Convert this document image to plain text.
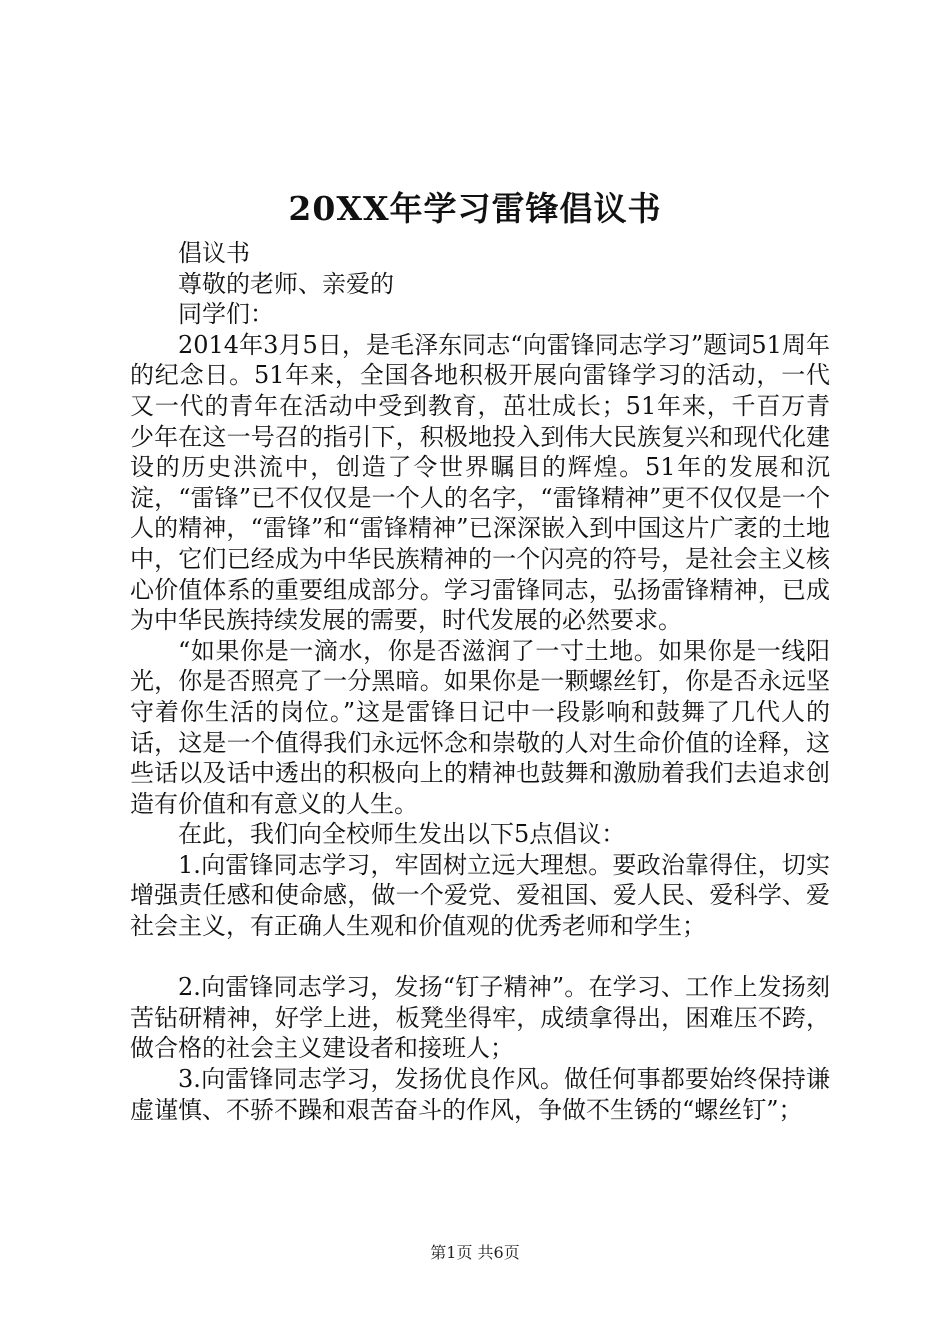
20XX年学习雷锋倡议书

倡议书

尊敬的老师、亲爱的

同学们：

2014年3月5日，是毛泽东同志“向雷锋同志学习”题词51周年的纪念日。51年来，全国各地积极开展向雷锋学习的活动，一代又一代的青年在活动中受到教育，茁壮成长；51年来，千百万青少年在这一号召的指引下，积极地投入到伟大民族复兴和现代化建设的历史洪流中，创造了令世界瞩目的辉煌。51年的发展和沉淀，“雷锋”已不仅仅是一个人的名字，“雷锋精神”更不仅仅是一个人的精神，“雷锋”和“雷锋精神”已深深嵌入到中国这片广袤的土地中，它们已经成为中华民族精神的一个闪亮的符号，是社会主义核心价值体系的重要组成部分。学习雷锋同志，弘扬雷锋精神，已成为中华民族持续发展的需要，时代发展的必然要求。

“如果你是一滴水，你是否滋润了一寸土地。如果你是一线阳光，你是否照亮了一分黑暗。如果你是一颗螺丝钉，你是否永远坚守着你生活的岗位。”这是雷锋日记中一段影响和鼓舞了几代人的话，这是一个值得我们永远怀念和崇敬的人对生命价值的诠释，这些话以及话中透出的积极向上的精神也鼓舞和激励着我们去追求创造有价值和有意义的人生。

在此，我们向全校师生发出以下5点倡议：

1.向雷锋同志学习，牢固树立远大理想。要政治靠得住，切实增强责任感和使命感，做一个爱党、爱祖国、爱人民、爱科学、爱社会主义，有正确人生观和价值观的优秀老师和学生；

2.向雷锋同志学习，发扬“钉子精神”。在学习、工作上发扬刻苦钻研精神，好学上进，板凳坐得牢，成绩拿得出，困难压不跨，做合格的社会主义建设者和接班人；

3.向雷锋同志学习，发扬优良作风。做任何事都要始终保持谦虚谨慎、不骄不躁和艰苦奋斗的作风，争做不生锈的“螺丝钉”；

第1页 共6页
